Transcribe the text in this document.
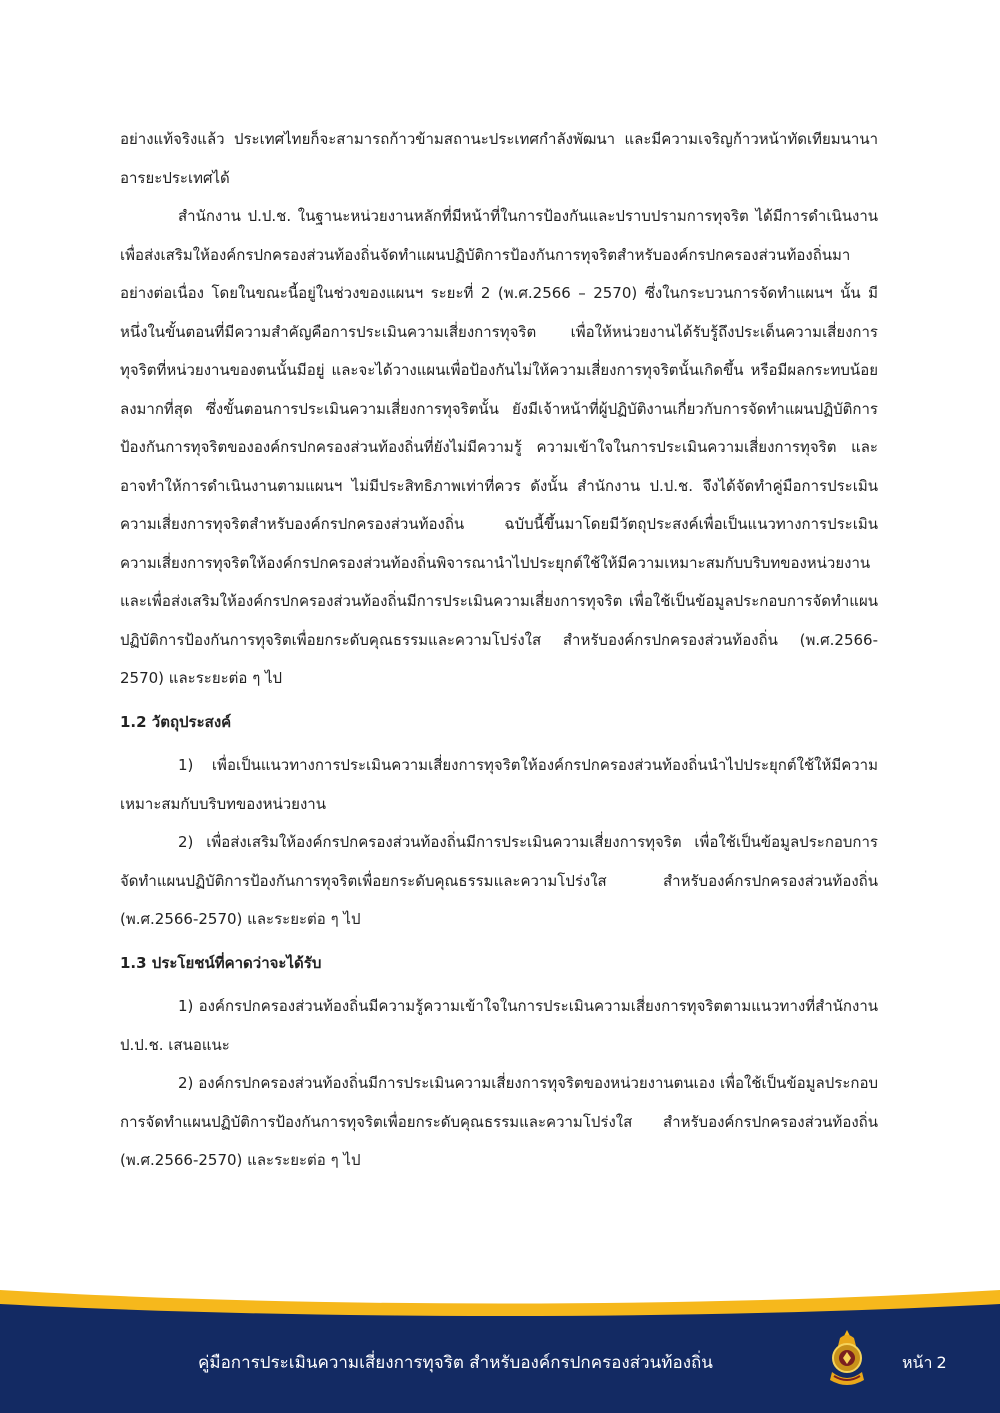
อย่างแท้จริงแล้ว ประเทศไทยก็จะสามารถก้าวข้ามสถานะประเทศกำลังพัฒนา และมีความเจริญก้าวหน้าทัดเทียมนานาอารยะประเทศได้

สำนักงาน ป.ป.ช. ในฐานะหน่วยงานหลักที่มีหน้าที่ในการป้องกันและปราบปรามการทุจริต ได้มีการดำเนินงานเพื่อส่งเสริมให้องค์กรปกครองส่วนท้องถิ่นจัดทำแผนปฏิบัติการป้องกันการทุจริตสำหรับองค์กรปกครองส่วนท้องถิ่นมาอย่างต่อเนื่อง โดยในขณะนี้อยู่ในช่วงของแผนฯ ระยะที่ 2 (พ.ศ.2566 – 2570) ซึ่งในกระบวนการจัดทำแผนฯ นั้น มีหนึ่งในขั้นตอนที่มีความสำคัญคือการประเมินความเสี่ยงการทุจริต เพื่อให้หน่วยงานได้รับรู้ถึงประเด็นความเสี่ยงการทุจริตที่หน่วยงานของตนนั้นมีอยู่ และจะได้วางแผนเพื่อป้องกันไม่ให้ความเสี่ยงการทุจริตนั้นเกิดขึ้น หรือมีผลกระทบน้อยลงมากที่สุด ซึ่งขั้นตอนการประเมินความเสี่ยงการทุจริตนั้น ยังมีเจ้าหน้าที่ผู้ปฏิบัติงานเกี่ยวกับการจัดทำแผนปฏิบัติการป้องกันการทุจริตขององค์กรปกครองส่วนท้องถิ่นที่ยังไม่มีความรู้ ความเข้าใจในการประเมินความเสี่ยงการทุจริต และอาจทำให้การดำเนินงานตามแผนฯ ไม่มีประสิทธิภาพเท่าที่ควร ดังนั้น สำนักงาน ป.ป.ช. จึงได้จัดทำคู่มือการประเมินความเสี่ยงการทุจริตสำหรับองค์กรปกครองส่วนท้องถิ่น ฉบับนี้ขึ้นมาโดยมีวัตถุประสงค์เพื่อเป็นแนวทางการประเมินความเสี่ยงการทุจริตให้องค์กรปกครองส่วนท้องถิ่นพิจารณานำไปประยุกต์ใช้ให้มีความเหมาะสมกับบริบทของหน่วยงาน และเพื่อส่งเสริมให้องค์กรปกครองส่วนท้องถิ่นมีการประเมินความเสี่ยงการทุจริต เพื่อใช้เป็นข้อมูลประกอบการจัดทำแผนปฏิบัติการป้องกันการทุจริตเพื่อยกระดับคุณธรรมและความโปร่งใส สำหรับองค์กรปกครองส่วนท้องถิ่น (พ.ศ.2566-2570) และระยะต่อ ๆ ไป

1.2 วัตถุประสงค์

1) เพื่อเป็นแนวทางการประเมินความเสี่ยงการทุจริตให้องค์กรปกครองส่วนท้องถิ่นนำไปประยุกต์ใช้ให้มีความเหมาะสมกับบริบทของหน่วยงาน

2) เพื่อส่งเสริมให้องค์กรปกครองส่วนท้องถิ่นมีการประเมินความเสี่ยงการทุจริต เพื่อใช้เป็นข้อมูลประกอบการจัดทำแผนปฏิบัติการป้องกันการทุจริตเพื่อยกระดับคุณธรรมและความโปร่งใส สำหรับองค์กรปกครองส่วนท้องถิ่น (พ.ศ.2566-2570) และระยะต่อ ๆ ไป

1.3 ประโยชน์ที่คาดว่าจะได้รับ

1) องค์กรปกครองส่วนท้องถิ่นมีความรู้ความเข้าใจในการประเมินความเสี่ยงการทุจริตตามแนวทางที่สำนักงาน ป.ป.ช. เสนอแนะ

2) องค์กรปกครองส่วนท้องถิ่นมีการประเมินความเสี่ยงการทุจริตของหน่วยงานตนเอง เพื่อใช้เป็นข้อมูลประกอบการจัดทำแผนปฏิบัติการป้องกันการทุจริตเพื่อยกระดับคุณธรรมและความโปร่งใส สำหรับองค์กรปกครองส่วนท้องถิ่น (พ.ศ.2566-2570) และระยะต่อ ๆ ไป

คู่มือการประเมินความเสี่ยงการทุจริต สำหรับองค์กรปกครองส่วนท้องถิ่น	หน้า 2
